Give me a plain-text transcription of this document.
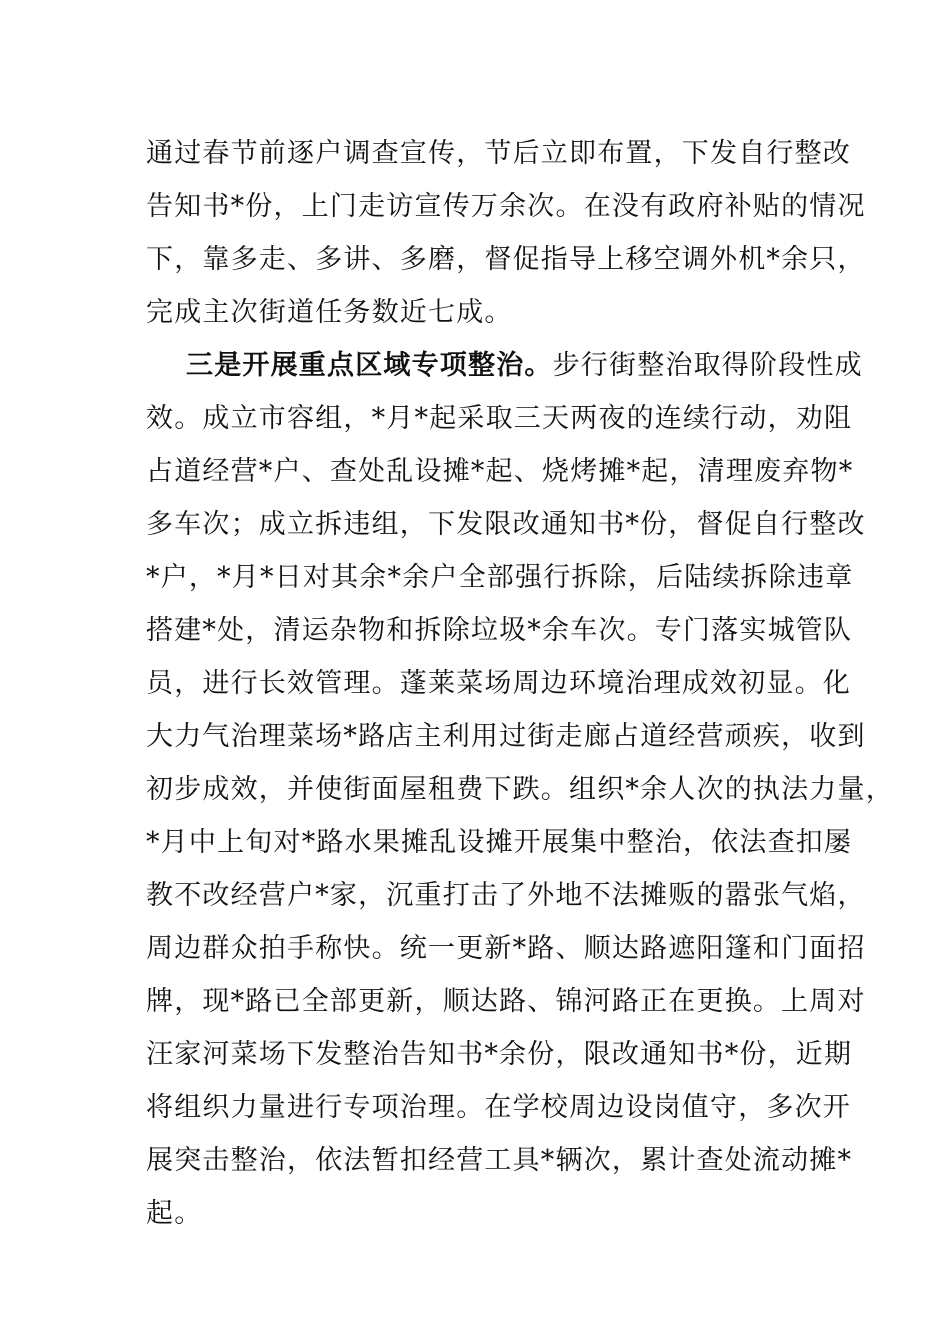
通过春节前逐户调查宣传，节后立即布置，下发自行整改
告知书*份，上门走访宣传万余次。在没有政府补贴的情况
下，靠多走、多讲、多磨，督促指导上移空调外机*余只，
完成主次街道任务数近七成。
三是开展重点区域专项整治。步行街整治取得阶段性成
效。成立市容组，*月*起采取三天两夜的连续行动，劝阻
占道经营*户、查处乱设摊*起、烧烤摊*起，清理废弃物*
多车次；成立拆违组，下发限改通知书*份，督促自行整改
*户，*月*日对其余*余户全部强行拆除，后陆续拆除违章
搭建*处，清运杂物和拆除垃圾*余车次。专门落实城管队
员，进行长效管理。蓬莱菜场周边环境治理成效初显。化
大力气治理菜场*路店主利用过街走廊占道经营顽疾，收到
初步成效，并使街面屋租费下跌。组织*余人次的执法力量，
*月中上旬对*路水果摊乱设摊开展集中整治，依法查扣屡
教不改经营户*家，沉重打击了外地不法摊贩的嚣张气焰，
周边群众拍手称快。统一更新*路、顺达路遮阳篷和门面招
牌，现*路已全部更新，顺达路、锦河路正在更换。上周对
汪家河菜场下发整治告知书*余份，限改通知书*份，近期
将组织力量进行专项治理。在学校周边设岗值守，多次开
展突击整治，依法暂扣经营工具*辆次，累计查处流动摊*
起。
